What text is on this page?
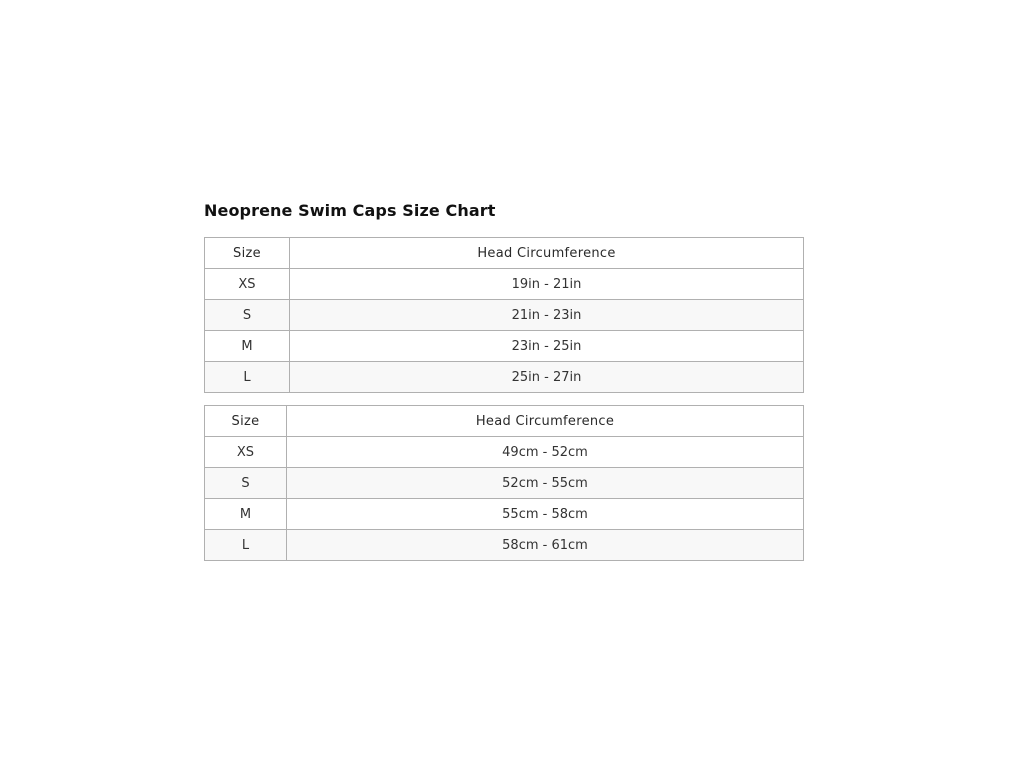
Neoprene Swim Caps Size Chart
Size	Head Circumference
XS	19in - 21in
S	21in - 23in
M	23in - 25in
L	25in - 27in
Size	Head Circumference
XS	49cm - 52cm
S	52cm - 55cm
M	55cm - 58cm
L	58cm - 61cm
